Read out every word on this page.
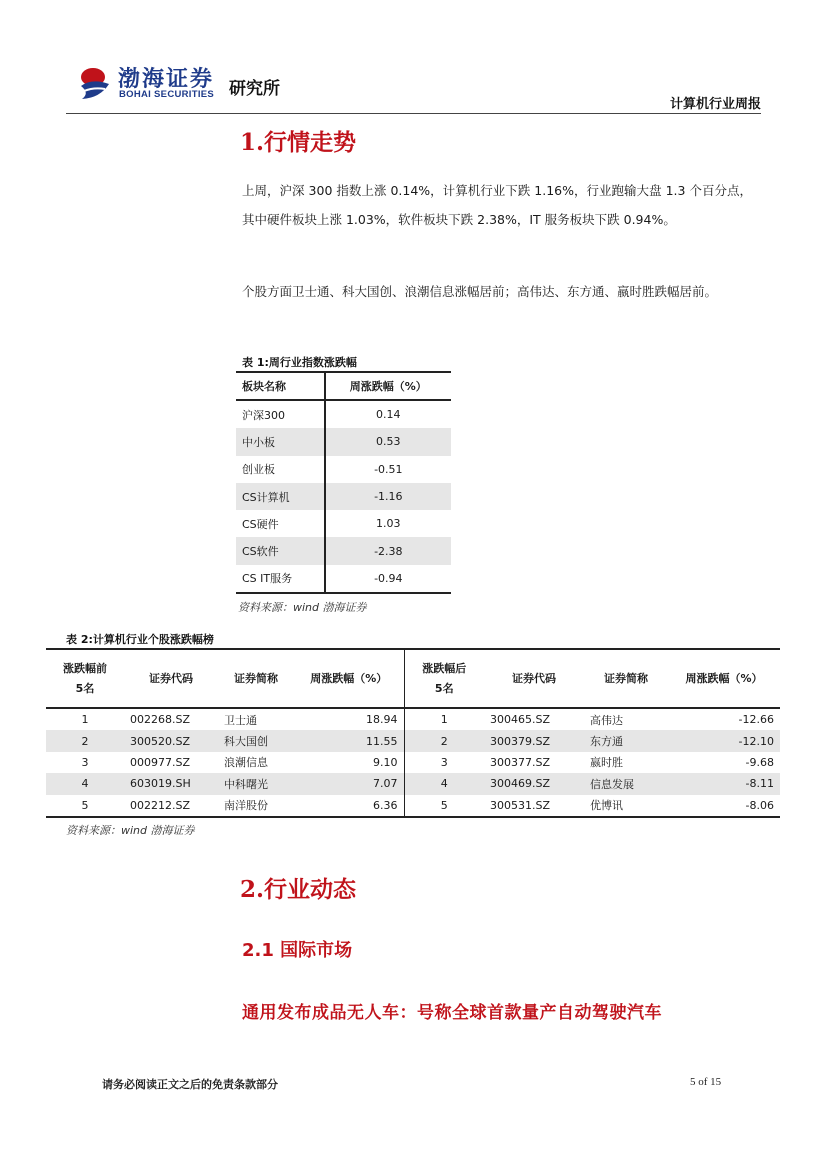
渤海证券
BOHAI SECURITIES 研究所
计算机行业周报
1.行情走势
上周，沪深 300 指数上涨 0.14%，计算机行业下跌 1.16%，行业跑输大盘 1.3 个百分点，其中硬件板块上涨 1.03%，软件板块下跌 2.38%，IT 服务板块下跌 0.94%。
个股方面卫士通、科大国创、浪潮信息涨幅居前；高伟达、东方通、嬴时胜跌幅居前。
表 1:周行业指数涨跌幅
板块名称	周涨跌幅（%）
沪深300	0.14
中小板	0.53
创业板	-0.51
CS计算机	-1.16
CS硬件	1.03
CS软件	-2.38
CS IT服务	-0.94
资料来源：wind 渤海证券
表 2:计算机行业个股涨跌幅榜
涨跌幅前5名	证券代码	证券简称	周涨跌幅（%）	涨跌幅后5名	证券代码	证券简称	周涨跌幅（%）
1	002268.SZ	卫士通	18.94	1	300465.SZ	高伟达	-12.66
2	300520.SZ	科大国创	11.55	2	300379.SZ	东方通	-12.10
3	000977.SZ	浪潮信息	9.10	3	300377.SZ	嬴时胜	-9.68
4	603019.SH	中科曙光	7.07	4	300469.SZ	信息发展	-8.11
5	002212.SZ	南洋股份	6.36	5	300531.SZ	优博讯	-8.06
资料来源：wind 渤海证券
2.行业动态
2.1 国际市场
通用发布成品无人车：号称全球首款量产自动驾驶汽车
请务必阅读正文之后的免责条款部分	5 of 15
